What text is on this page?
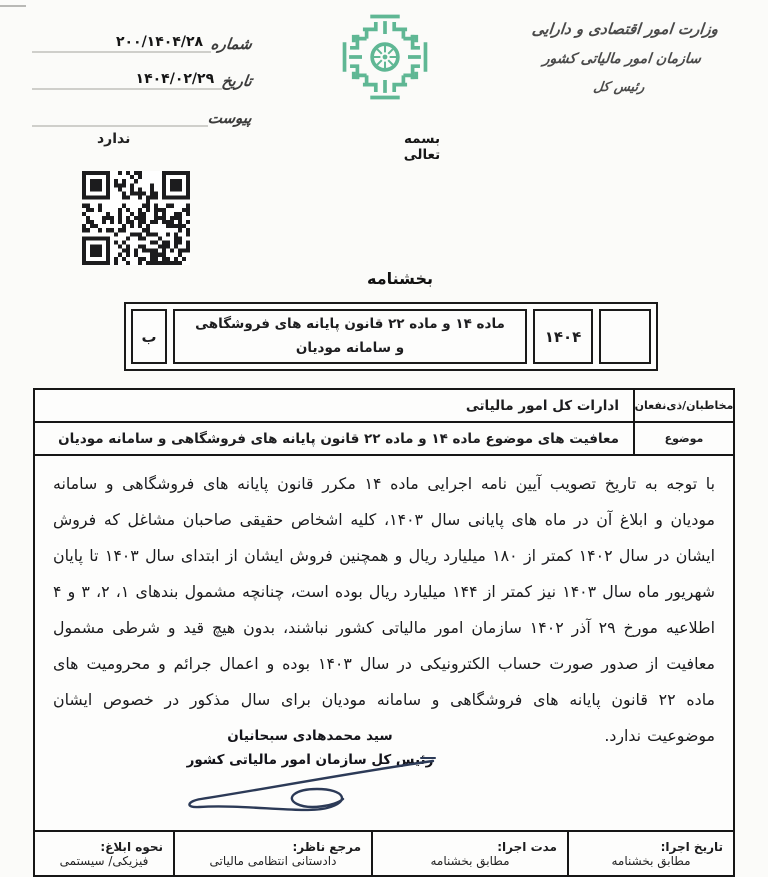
شماره
۲۰۰/۱۴۰۴/۲۸
تاریخ
۱۴۰۴/۰۲/۲۹
پیوست
ندارد
وزارت امور اقتصادی و دارایی
سازمان امور مالیاتی کشور
رئیس کل
بسمه تعالی
بخشنامه
۱۴۰۴
ماده ۱۴ و ماده ۲۲ قانون پایانه های فروشگاهی و سامانه مودیان
ب
مخاطبان/ذی‌نفعان
ادارات کل امور مالیاتی
موضوع
معافیت های موضوع ماده ۱۴ و ماده ۲۲ قانون پایانه های فروشگاهی و سامانه مودیان
با توجه به تاریخ تصویب آیین نامه اجرایی ماده ۱۴ مکرر قانون پایانه های فروشگاهی و سامانه مودیان و ابلاغ آن در ماه های پایانی سال ۱۴۰۳، کلیه اشخاص حقیقی صاحبان مشاغل که فروش ایشان در سال ۱۴۰۲ کمتر از ۱۸۰ میلیارد ریال و همچنین فروش ایشان از ابتدای سال ۱۴۰۳ تا پایان شهریور ماه سال ۱۴۰۳ نیز کمتر از ۱۴۴ میلیارد ریال بوده است، چنانچه مشمول بندهای ۱، ۲، ۳ و ۴ اطلاعیه مورخ ۲۹ آذر ۱۴۰۲ سازمان امور مالیاتی کشور نباشند، بدون هیچ قید و شرطی مشمول معافیت از صدور صورت حساب الکترونیکی در سال ۱۴۰۳ بوده و اعمال جرائم و محرومیت های ماده ۲۲ قانون پایانه های فروشگاهی و سامانه مودیان برای سال مذکور در خصوص ایشان موضوعیت ندارد.
سید محمدهادی سبحانیان
رئیس کل سازمان امور مالیاتی کشور
تاریخ اجرا:
مطابق بخشنامه
مدت اجرا:
مطابق بخشنامه
مرجع ناظر:
دادستانی انتظامی مالیاتی
نحوه ابلاغ:
فیزیکی/ سیستمی
